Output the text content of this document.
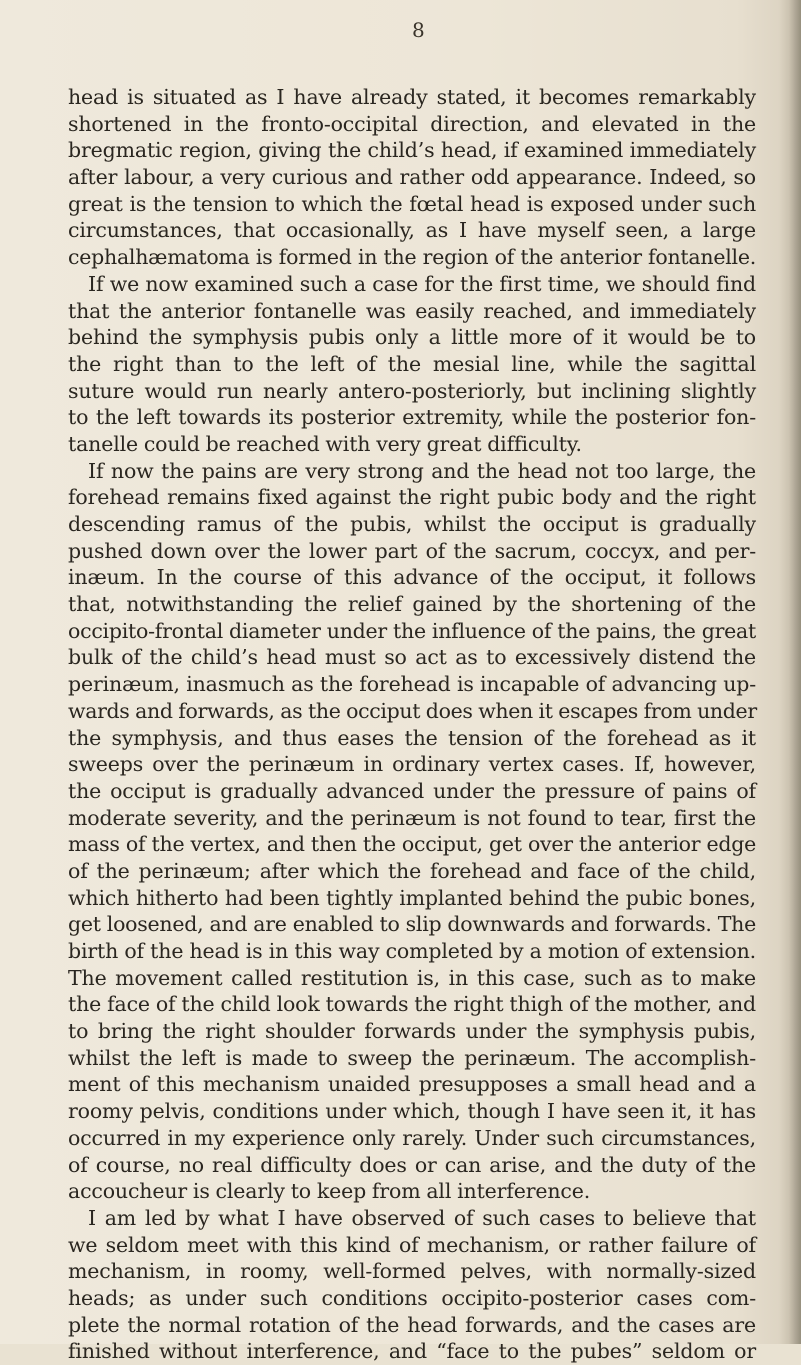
8
head is situated as I have already stated, it becomes remarkably
shortened in the fronto-occipital direction, and elevated in the
bregmatic region, giving the child’s head, if examined immediately
after labour, a very curious and rather odd appearance. Indeed, so
great is the tension to which the fœtal head is exposed under such
circumstances, that occasionally, as I have myself seen, a large
cephalhæmatoma is formed in the region of the anterior fontanelle.
If we now examined such a case for the first time, we should find
that the anterior fontanelle was easily reached, and immediately
behind the symphysis pubis only a little more of it would be to
the right than to the left of the mesial line, while the sagittal
suture would run nearly antero-posteriorly, but inclining slightly
to the left towards its posterior extremity, while the posterior fon-
tanelle could be reached with very great difficulty.
If now the pains are very strong and the head not too large, the
forehead remains fixed against the right pubic body and the right
descending ramus of the pubis, whilst the occiput is gradually
pushed down over the lower part of the sacrum, coccyx, and per-
inæum. In the course of this advance of the occiput, it follows
that, notwithstanding the relief gained by the shortening of the
occipito-frontal diameter under the influence of the pains, the great
bulk of the child’s head must so act as to excessively distend the
perinæum, inasmuch as the forehead is incapable of advancing up-
wards and forwards, as the occiput does when it escapes from under
the symphysis, and thus eases the tension of the forehead as it
sweeps over the perinæum in ordinary vertex cases. If, however,
the occiput is gradually advanced under the pressure of pains of
moderate severity, and the perinæum is not found to tear, first the
mass of the vertex, and then the occiput, get over the anterior edge
of the perinæum; after which the forehead and face of the child,
which hitherto had been tightly implanted behind the pubic bones,
get loosened, and are enabled to slip downwards and forwards. The
birth of the head is in this way completed by a motion of extension.
The movement called restitution is, in this case, such as to make
the face of the child look towards the right thigh of the mother, and
to bring the right shoulder forwards under the symphysis pubis,
whilst the left is made to sweep the perinæum. The accomplish-
ment of this mechanism unaided presupposes a small head and a
roomy pelvis, conditions under which, though I have seen it, it has
occurred in my experience only rarely. Under such circumstances,
of course, no real difficulty does or can arise, and the duty of the
accoucheur is clearly to keep from all interference.
I am led by what I have observed of such cases to believe that
we seldom meet with this kind of mechanism, or rather failure of
mechanism, in roomy, well-formed pelves, with normally-sized
heads; as under such conditions occipito-posterior cases com-
plete the normal rotation of the head forwards, and the cases are
finished without interference, and “face to the pubes” seldom or
